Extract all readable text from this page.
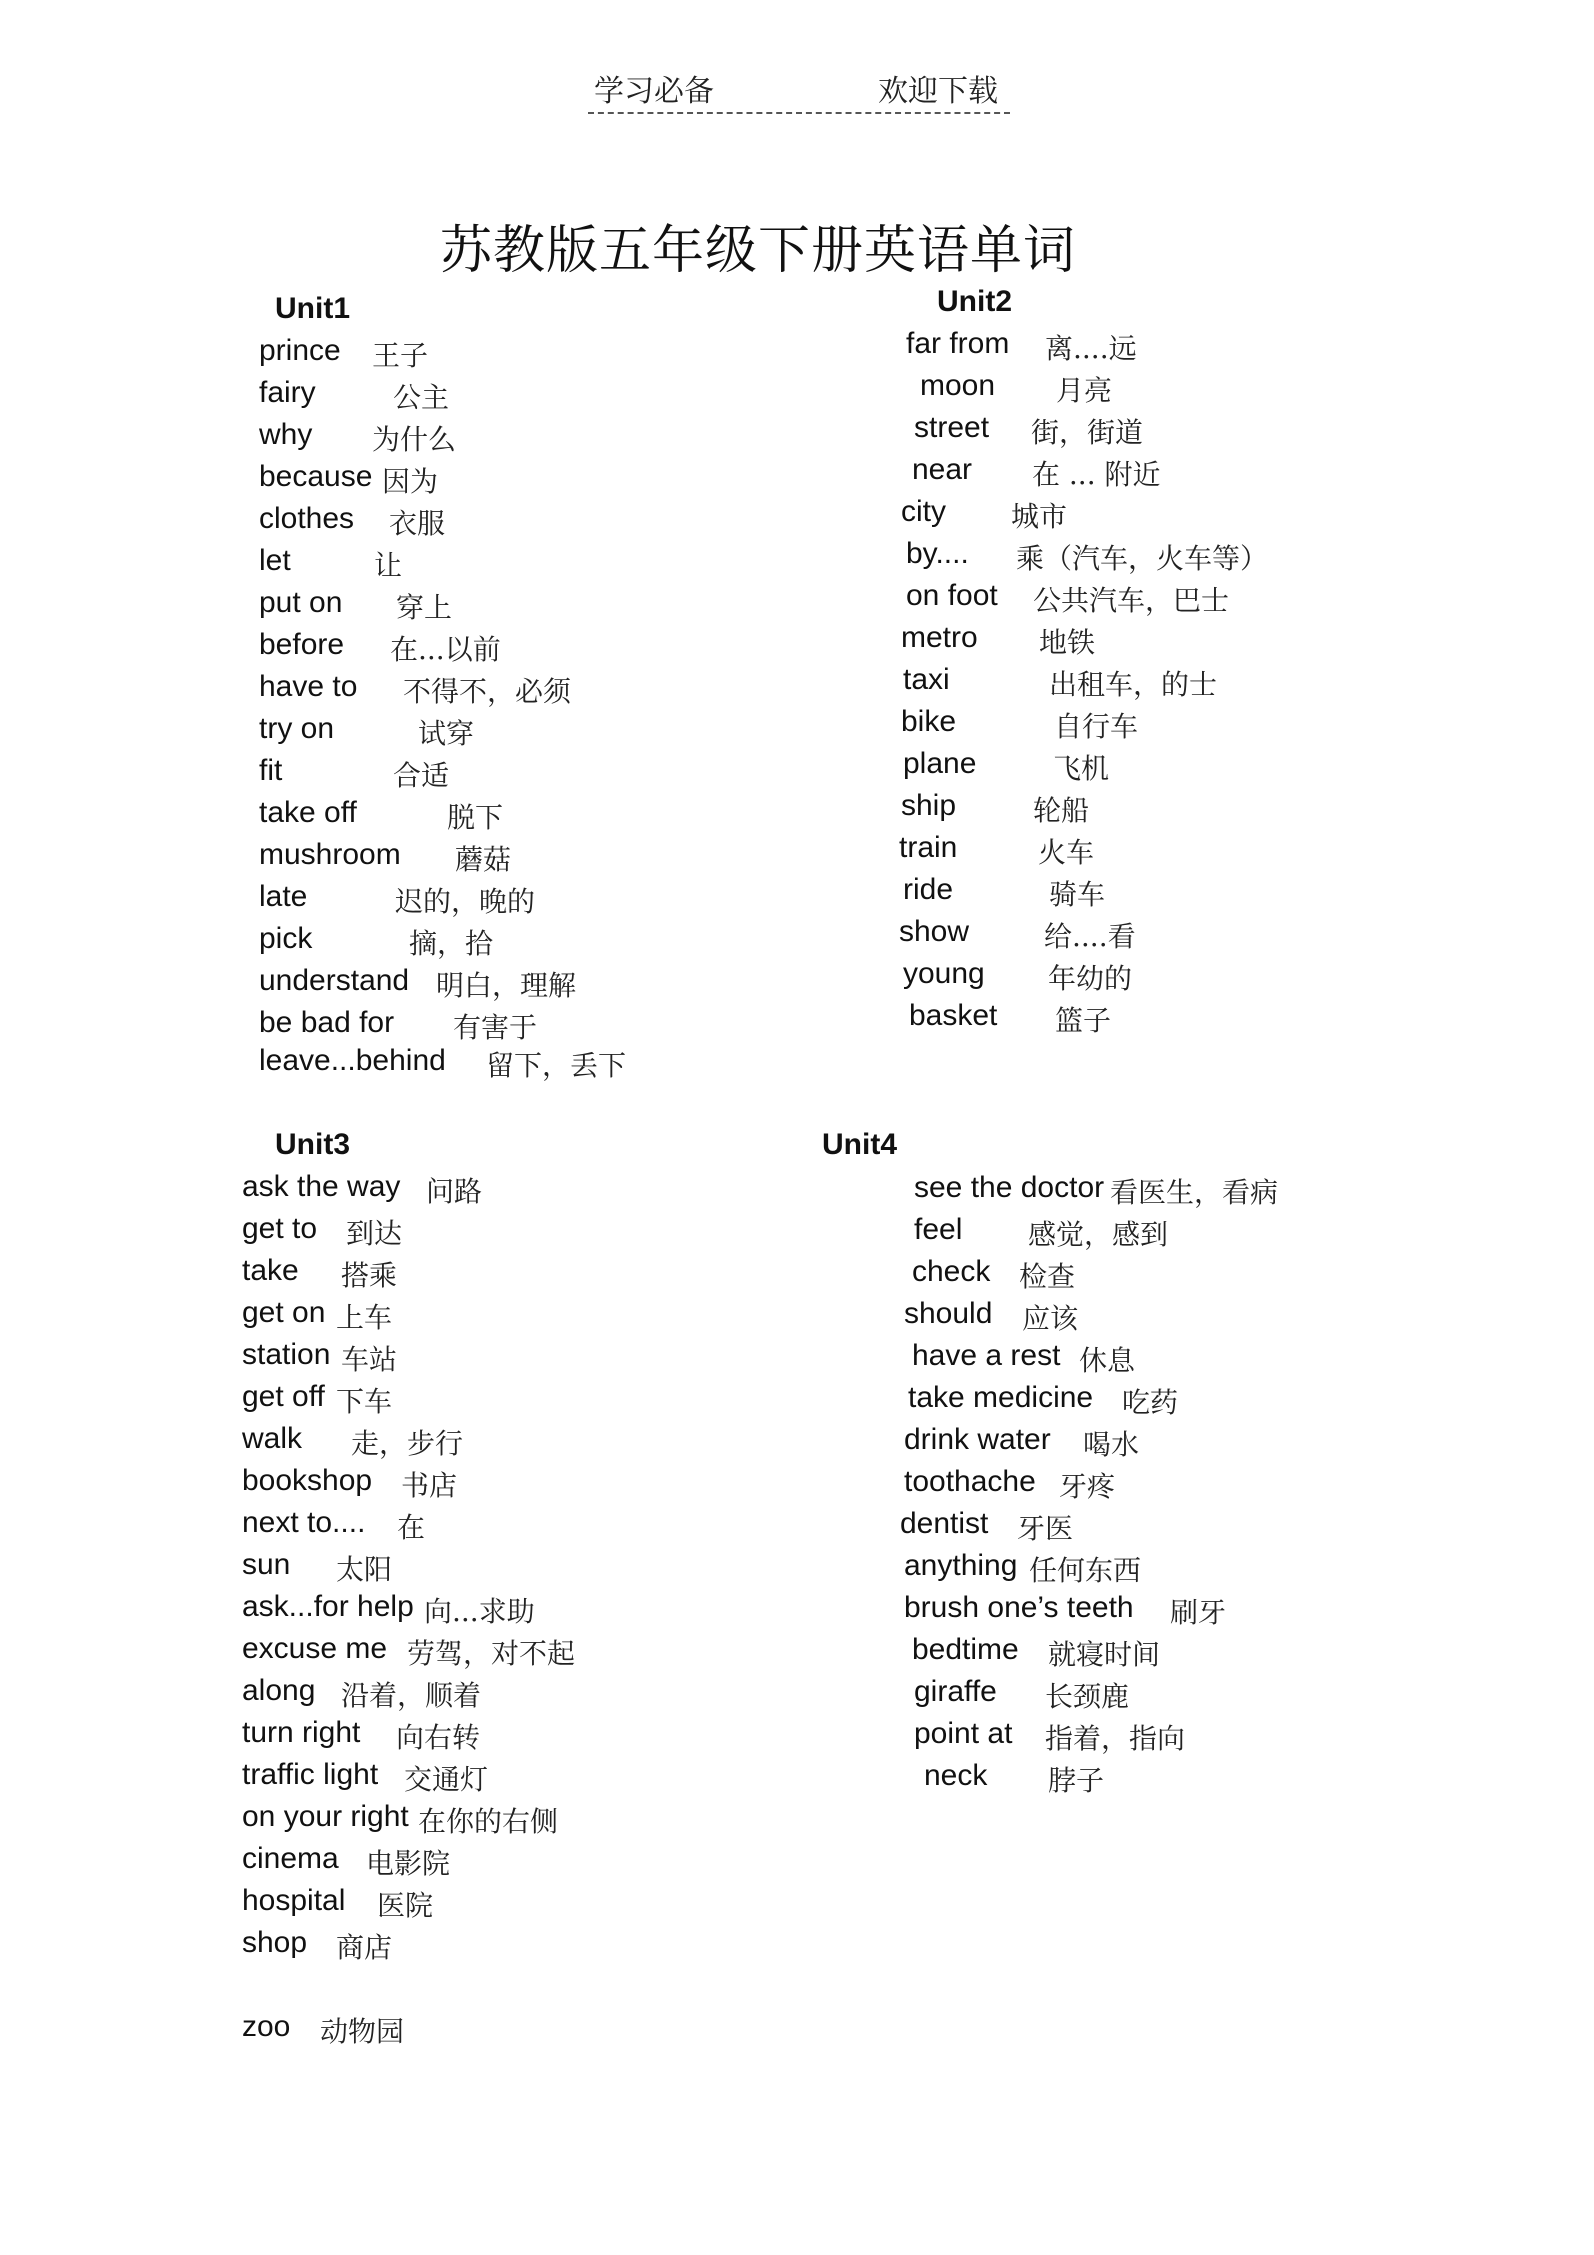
学习必备	欢迎下载
苏教版五年级下册英语单词
Unit1	Unit2
Unit3	Unit4
prince 王子
fairy	公主
why 为什么
because 因为
clothes 衣服
let	让
put on 穿上
before 在...以前
have to 不得不，必须
try on	试穿
fit	合适
take off	脱下
mushroom 蘑菇
late	迟的，晚的
pick	摘，拾
understand 明白，理解
be bad for 有害于
leave...behind 留下，丢下
far from 离....远
moon 月亮
street 街，街道
near 在 ... 附近
city 城市
by.... 乘（汽车，火车等）
on foot 公共汽车，巴士
metro 地铁
taxi	出租车，的士
bike	自行车
plane	飞机
ship	轮船
train	火车
ride	骑车
show	给....看
young 年幼的
basket 篮子
ask the way 问路
get to 到达
take 搭乘
get on 上车
station 车站
get off 下车
walk 走，步行
bookshop 书店
next to.... 在
sun 太阳
ask...for help 向...求助
excuse me 劳驾，对不起
along 沿着，顺着
turn right 向右转
traffic light 交通灯
on your right 在你的右侧
cinema 电影院
hospital 医院
shop 商店
zoo 动物园
see the doctor 看医生，看病
feel 感觉，感到
check 检查
should 应该
have a rest 休息
take medicine 吃药
drink water 喝水
toothache 牙疼
dentist 牙医
anything 任何东西
brush one’s teeth 刷牙
bedtime 就寝时间
giraffe 长颈鹿
point at 指着，指向
neck 脖子
